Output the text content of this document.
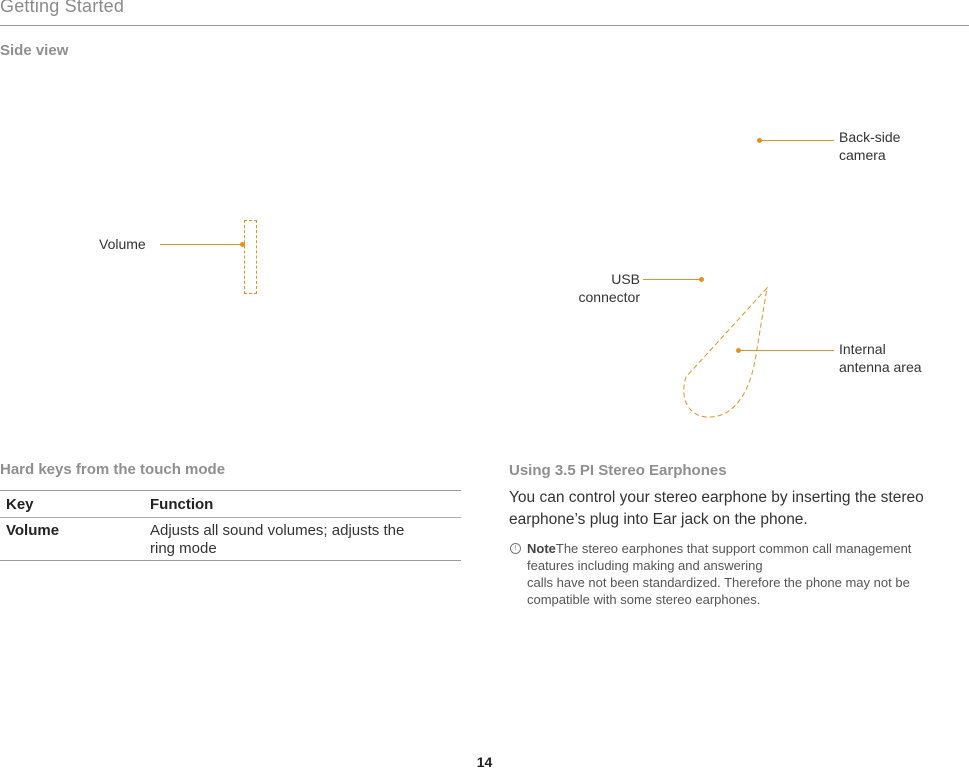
Getting Started
Side view
Volume
Back-side
camera
USB
connector
Internal
antenna area
Hard keys from the touch mode
Key	Function
Volume	Adjusts all sound volumes; adjusts the
ring mode
Using 3.5 PI Stereo Earphones
You can control your stereo earphone by inserting the stereo
earphone’s plug into Ear jack on the phone.
! NoteThe stereo earphones that support common call management
features including making and answering
calls have not been standardized. Therefore the phone may not be
compatible with some stereo earphones.
14
